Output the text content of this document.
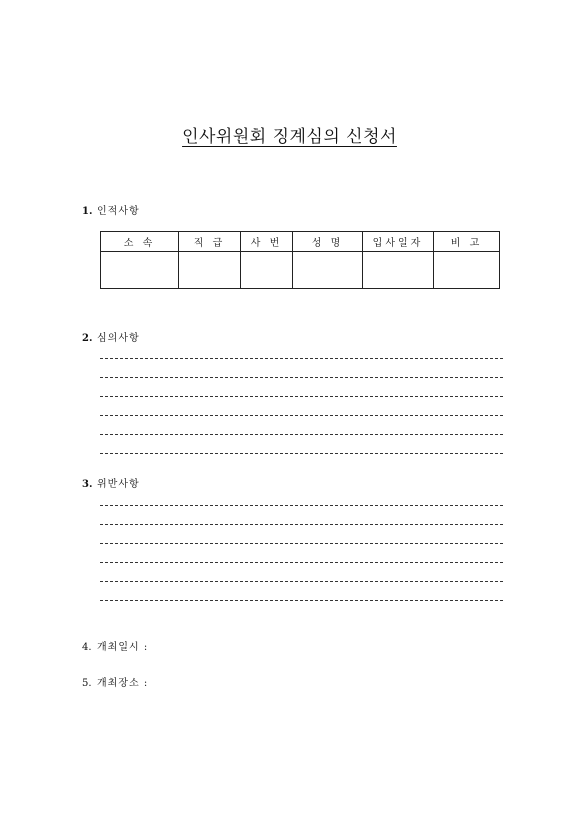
인사위원회 징계심의 신청서
1. 인적사항
소 속	직 급	사 번	성 명	입사일자	비 고

2. 심의사항
3. 위반사항
4. 개최일시 :
5. 개최장소 :
